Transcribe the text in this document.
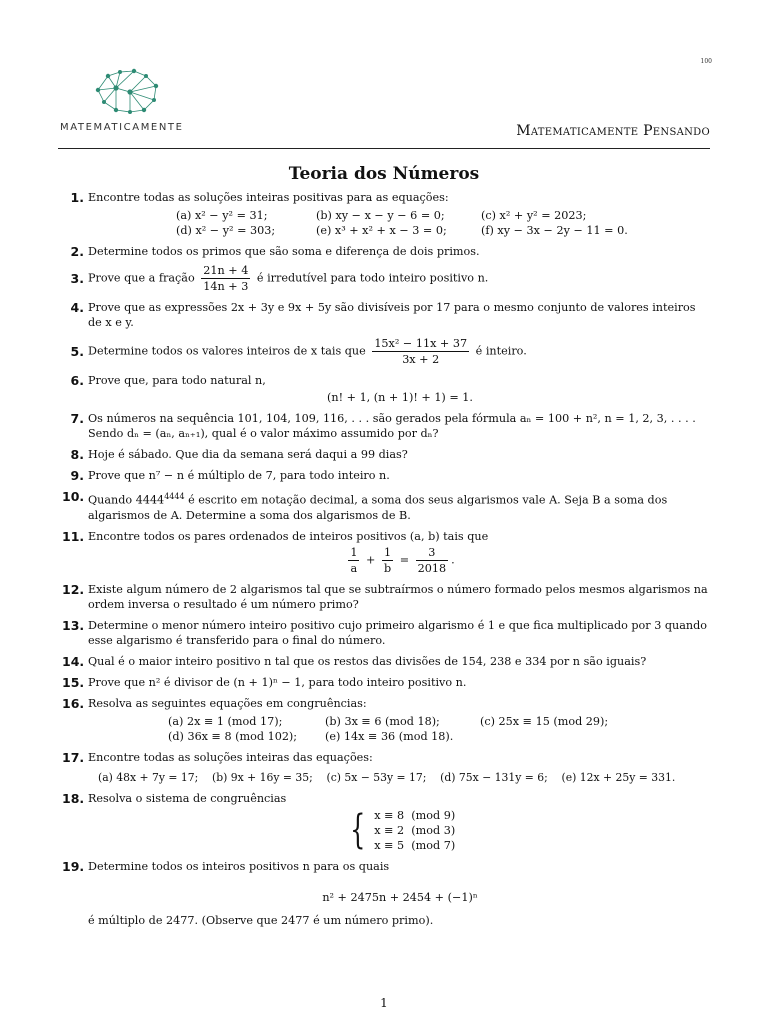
100
MATEMATICAMENTE	Matematicamente Pensando
Teoria dos Números
1. Encontre todas as soluções inteiras positivas para as equações:
(a) x² − y² = 31;	(b) xy − x − y − 6 = 0;	(c) x² + y² = 2023;
(d) x² − y² = 303;	(e) x³ + x² + x − 3 = 0;	(f) xy − 3x − 2y − 11 = 0.
2. Determine todos os primos que são soma e diferença de dois primos.
3. Prove que a fração $\frac{21n + 4}{14n + 3}$ é irredutível para todo inteiro positivo n.
4. Prove que as expressões 2x + 3y e 9x + 5y são divisíveis por 17 para o mesmo conjunto de valores inteiros de x e y.
5. Determine todos os valores inteiros de x tais que $\frac{\text{15x² − 11x + 37}}{3x + 2}$ é inteiro.
6. Prove que, para todo natural n,
(n! + 1, (n + 1)! + 1) = 1.
7. Os números na sequência 101, 104, 109, 116, . . . são gerados pela fórmula aₙ = 100 + n², n = 1, 2, 3, . . . . Sendo dₙ = (aₙ, aₙ₊₁), qual é o valor máximo assumido por dₙ?
8. Hoje é sábado. Que dia da semana será daqui a 99 dias?
9. Prove que n⁷ − n é múltiplo de 7, para todo inteiro n.
10. Quando $4444^{4444}$ é escrito em notação decimal, a soma dos seus algarismos vale A. Seja B a soma dos algarismos de A. Determine a soma dos algarismos de B.
11. Encontre todos os pares ordenados de inteiros positivos (a, b) tais que
$\frac{1}{a} + \frac{1}{b} = \frac{3}{2018}$ .
12. Existe algum número de 2 algarismos tal que se subtraírmos o número formado pelos mesmos algarismos na ordem inversa o resultado é um número primo?
13. Determine o menor número inteiro positivo cujo primeiro algarismo é 1 e que fica multiplicado por 3 quando esse algarismo é transferido para o final do número.
14. Qual é o maior inteiro positivo n tal que os restos das divisões de 154, 238 e 334 por n são iguais?
15. Prove que n² é divisor de (n + 1)ⁿ − 1, para todo inteiro positivo n.
16. Resolva as seguintes equações em congruências:
(a) 2x ≡ 1 (mod 17);	(b) 3x ≡ 6 (mod 18);	(c) 25x ≡ 15 (mod 29);
(d) 36x ≡ 8 (mod 102);	(e) 14x ≡ 36 (mod 18).
17. Encontre todas as soluções inteiras das equações:
(a) 48x + 7y = 17;    (b) 9x + 16y = 35;    (c) 5x − 53y = 17;    (d) 75x − 131y = 6;    (e) 12x + 25y = 331.
18. Resolva o sistema de congruências
{ x ≡ 8  (mod 9)
x ≡ 2  (mod 3)
x ≡ 5  (mod 7)
19. Determine todos os inteiros positivos n para os quais
n² + 2475n + 2454 + (−1)ⁿ
é múltiplo de 2477. (Observe que 2477 é um número primo).
1
